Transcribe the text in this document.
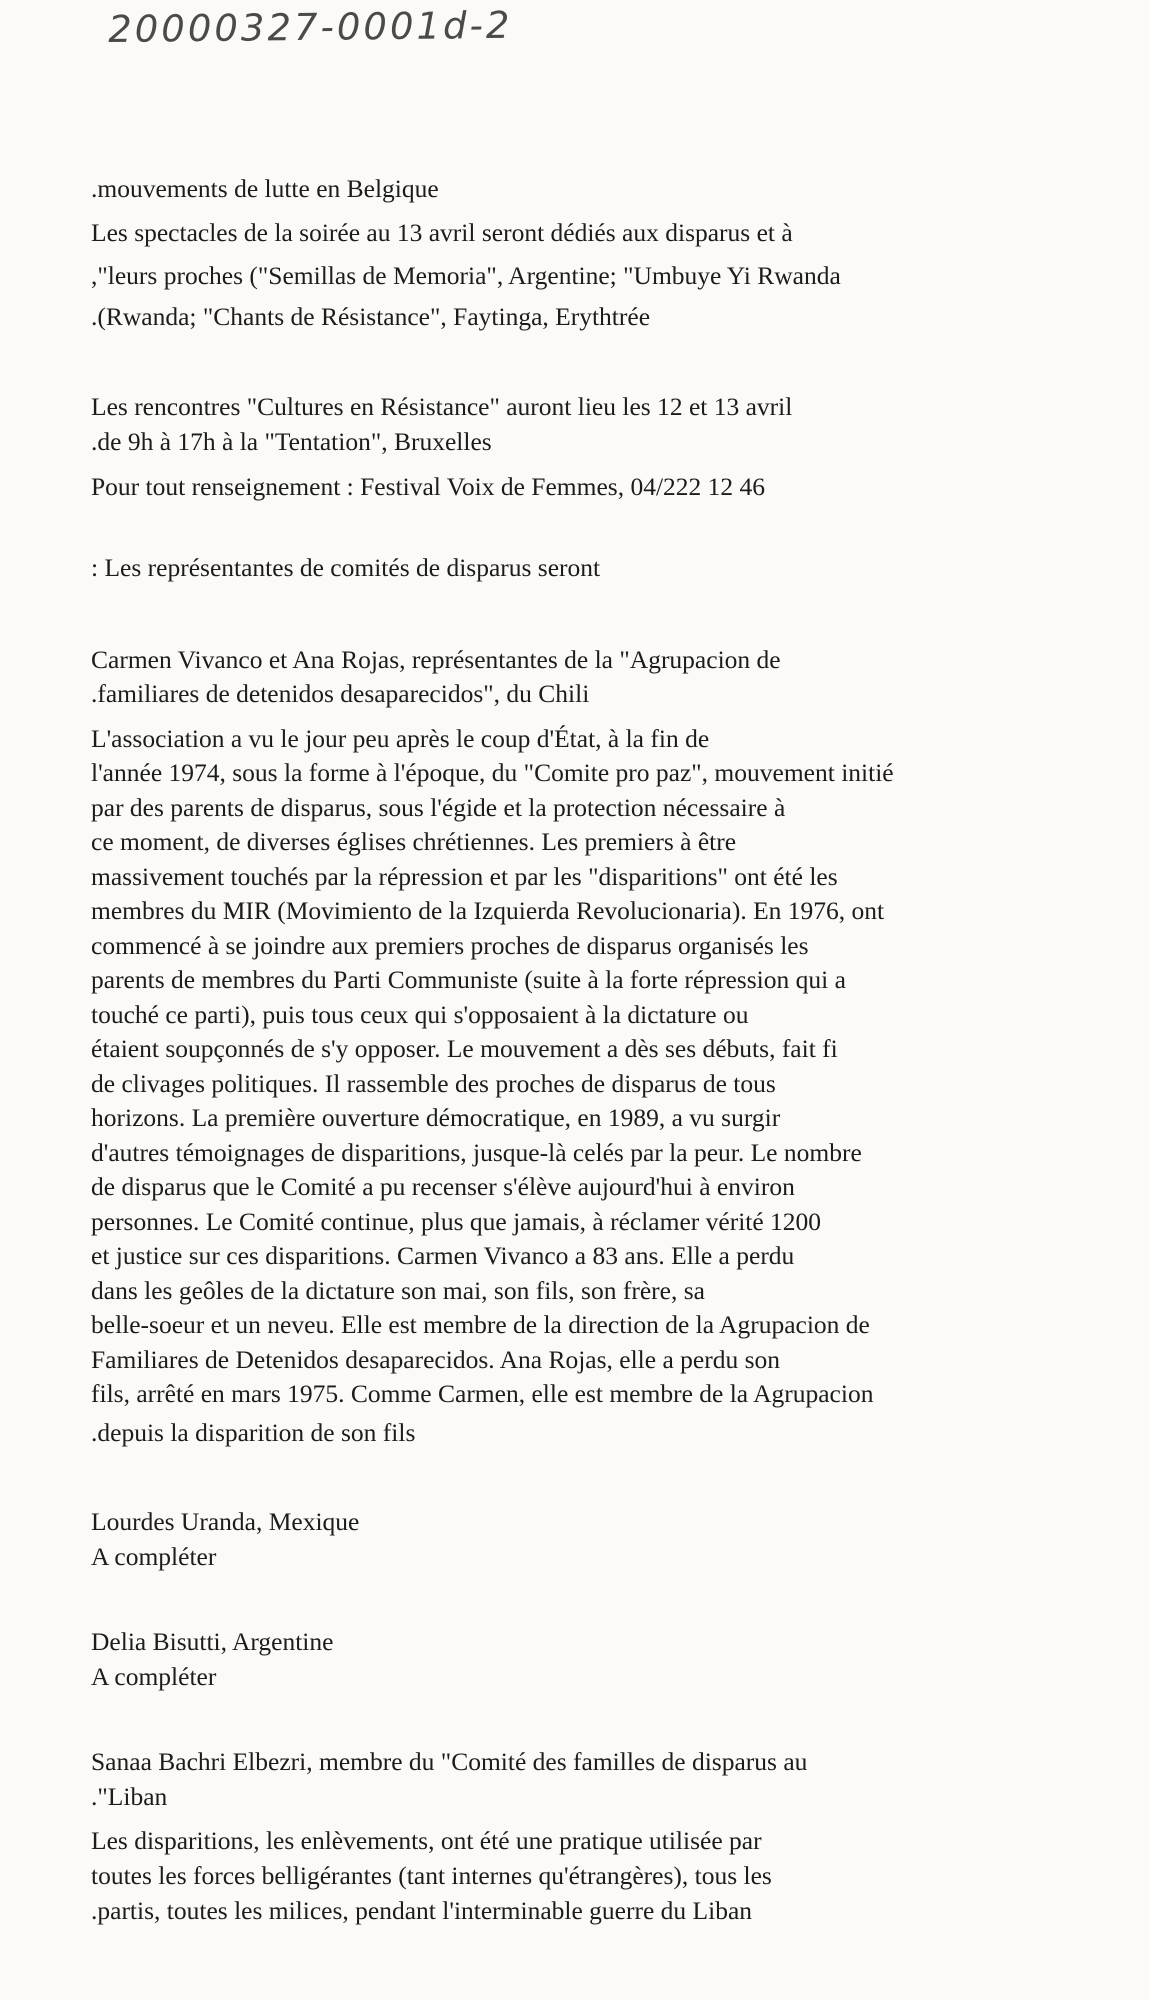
20000327-0001d-2
.mouvements de lutte en Belgique
Les spectacles de la soirée au 13 avril seront dédiés aux disparus et à
,"leurs proches ("Semillas de Memoria", Argentine; "Umbuye Yi Rwanda
.(Rwanda; "Chants de Résistance", Faytinga, Erythtrée
Les rencontres "Cultures en Résistance" auront lieu les 12 et 13 avril
.de 9h à 17h à la "Tentation", Bruxelles
Pour tout renseignement : Festival Voix de Femmes, 04/222 12 46
: Les représentantes de comités de disparus seront
Carmen Vivanco et Ana Rojas, représentantes de la "Agrupacion de
.familiares de detenidos desaparecidos", du Chili
L'association a vu le jour peu après le coup d'État, à la fin de
l'année 1974, sous la forme à l'époque, du "Comite pro paz", mouvement initié
par des parents de disparus, sous l'égide et la protection nécessaire à
ce moment, de diverses églises chrétiennes. Les premiers à être
massivement touchés par la répression et par les "disparitions" ont été les
membres du MIR (Movimiento de la Izquierda Revolucionaria). En 1976, ont
commencé à se joindre aux premiers proches de disparus organisés les
parents de membres du Parti Communiste (suite à la forte répression qui a
touché ce parti), puis tous ceux qui s'opposaient à la dictature ou
étaient soupçonnés de s'y opposer. Le mouvement a dès ses débuts, fait fi
de clivages politiques. Il rassemble des proches de disparus de tous
horizons. La première ouverture démocratique, en 1989, a vu surgir
d'autres témoignages de disparitions, jusque-là celés par la peur. Le nombre
de disparus que le Comité a pu recenser s'élève aujourd'hui à environ
personnes. Le Comité continue, plus que jamais, à réclamer vérité 1200
et justice sur ces disparitions. Carmen Vivanco a 83 ans. Elle a perdu
dans les geôles de la dictature son mai, son fils, son frère, sa
belle-soeur et un neveu. Elle est membre de la direction de la Agrupacion de
Familiares de Detenidos desaparecidos. Ana Rojas, elle a perdu son
fils, arrêté en mars 1975. Comme Carmen, elle est membre de la Agrupacion
.depuis la disparition de son fils
Lourdes Uranda, Mexique
A compléter
Delia Bisutti, Argentine
A compléter
Sanaa Bachri Elbezri, membre du "Comité des familles de disparus au
."Liban
Les disparitions, les enlèvements, ont été une pratique utilisée par
toutes les forces belligérantes (tant internes qu'étrangères), tous les
.partis, toutes les milices, pendant l'interminable guerre du Liban
